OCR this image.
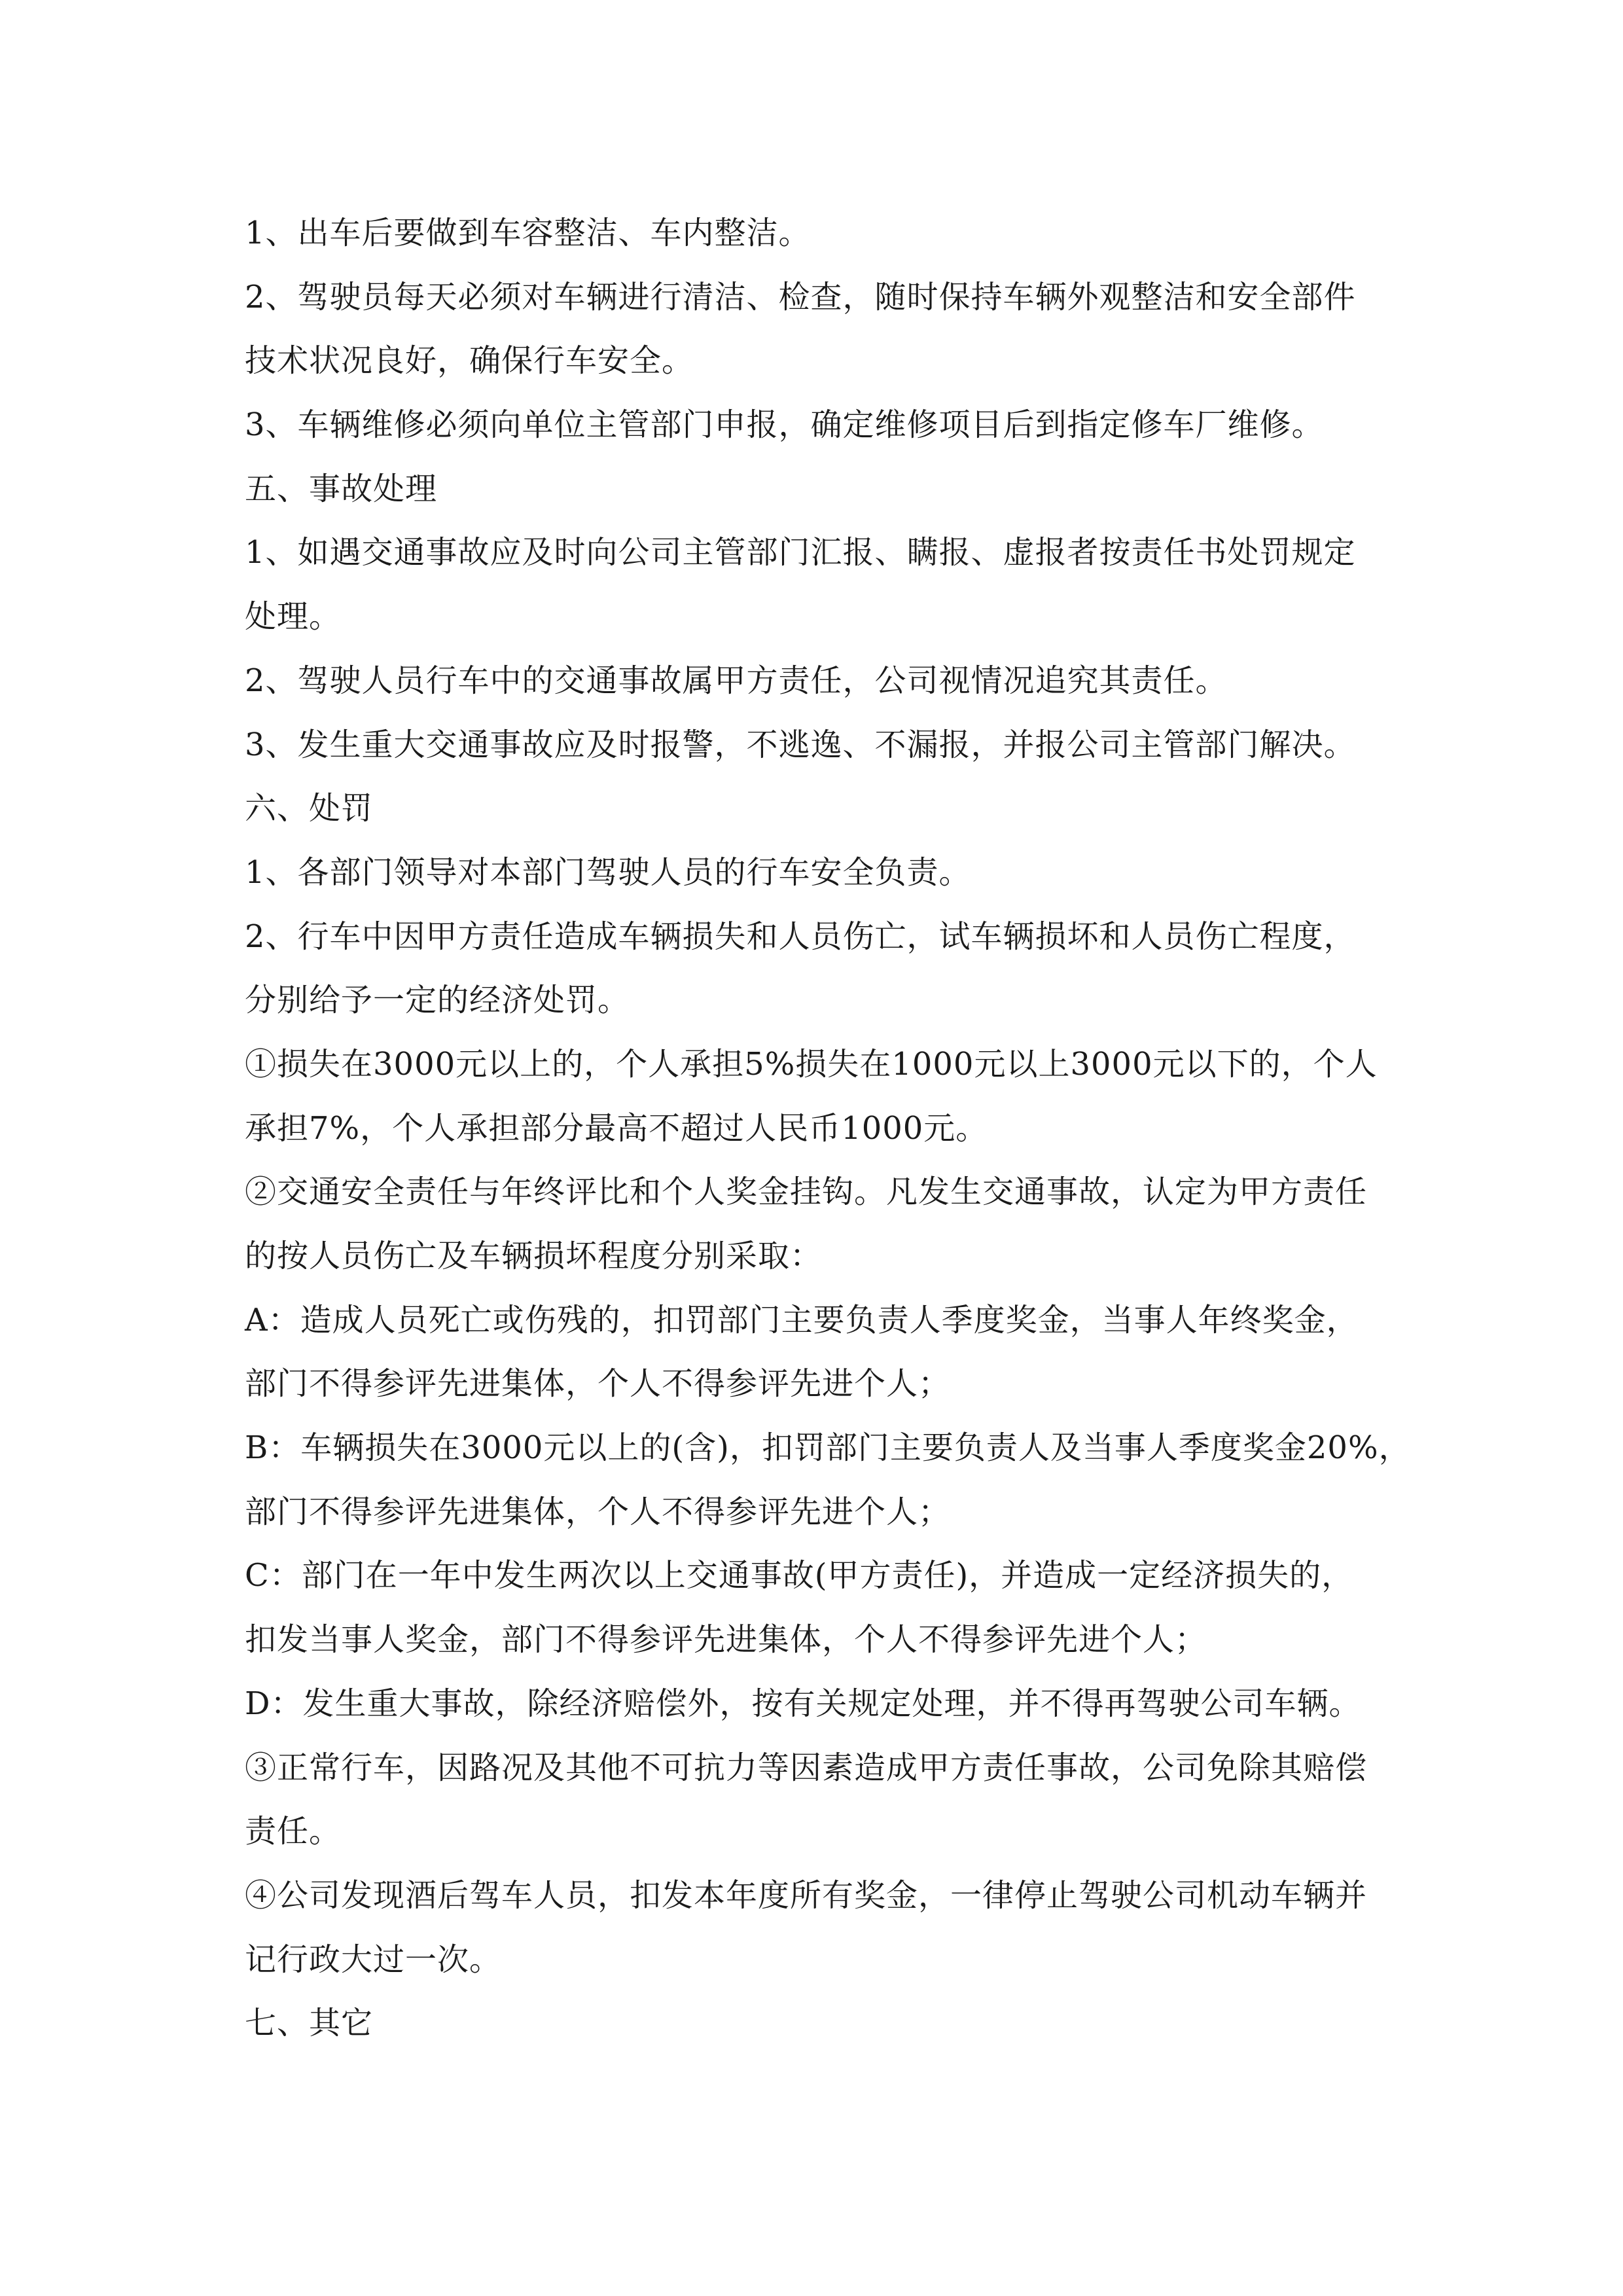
1、出车后要做到车容整洁、车内整洁。
2、驾驶员每天必须对车辆进行清洁、检查，随时保持车辆外观整洁和安全部件
技术状况良好，确保行车安全。
3、车辆维修必须向单位主管部门申报，确定维修项目后到指定修车厂维修。
五、事故处理
1、如遇交通事故应及时向公司主管部门汇报、瞒报、虚报者按责任书处罚规定
处理。
2、驾驶人员行车中的交通事故属甲方责任，公司视情况追究其责任。
3、发生重大交通事故应及时报警，不逃逸、不漏报，并报公司主管部门解决。
六、处罚
1、各部门领导对本部门驾驶人员的行车安全负责。
2、行车中因甲方责任造成车辆损失和人员伤亡，试车辆损坏和人员伤亡程度，
分别给予一定的经济处罚。
①损失在3000元以上的，个人承担5%损失在1000元以上3000元以下的，个人
承担7%，个人承担部分最高不超过人民币1000元。
②交通安全责任与年终评比和个人奖金挂钩。凡发生交通事故，认定为甲方责任
的按人员伤亡及车辆损坏程度分别采取：
A：造成人员死亡或伤残的，扣罚部门主要负责人季度奖金，当事人年终奖金，
部门不得参评先进集体，个人不得参评先进个人；
B：车辆损失在3000元以上的(含)，扣罚部门主要负责人及当事人季度奖金20%，
部门不得参评先进集体，个人不得参评先进个人；
C：部门在一年中发生两次以上交通事故(甲方责任)，并造成一定经济损失的，
扣发当事人奖金，部门不得参评先进集体，个人不得参评先进个人；
D：发生重大事故，除经济赔偿外，按有关规定处理，并不得再驾驶公司车辆。
③正常行车，因路况及其他不可抗力等因素造成甲方责任事故，公司免除其赔偿
责任。
④公司发现酒后驾车人员，扣发本年度所有奖金，一律停止驾驶公司机动车辆并
记行政大过一次。
七、其它
